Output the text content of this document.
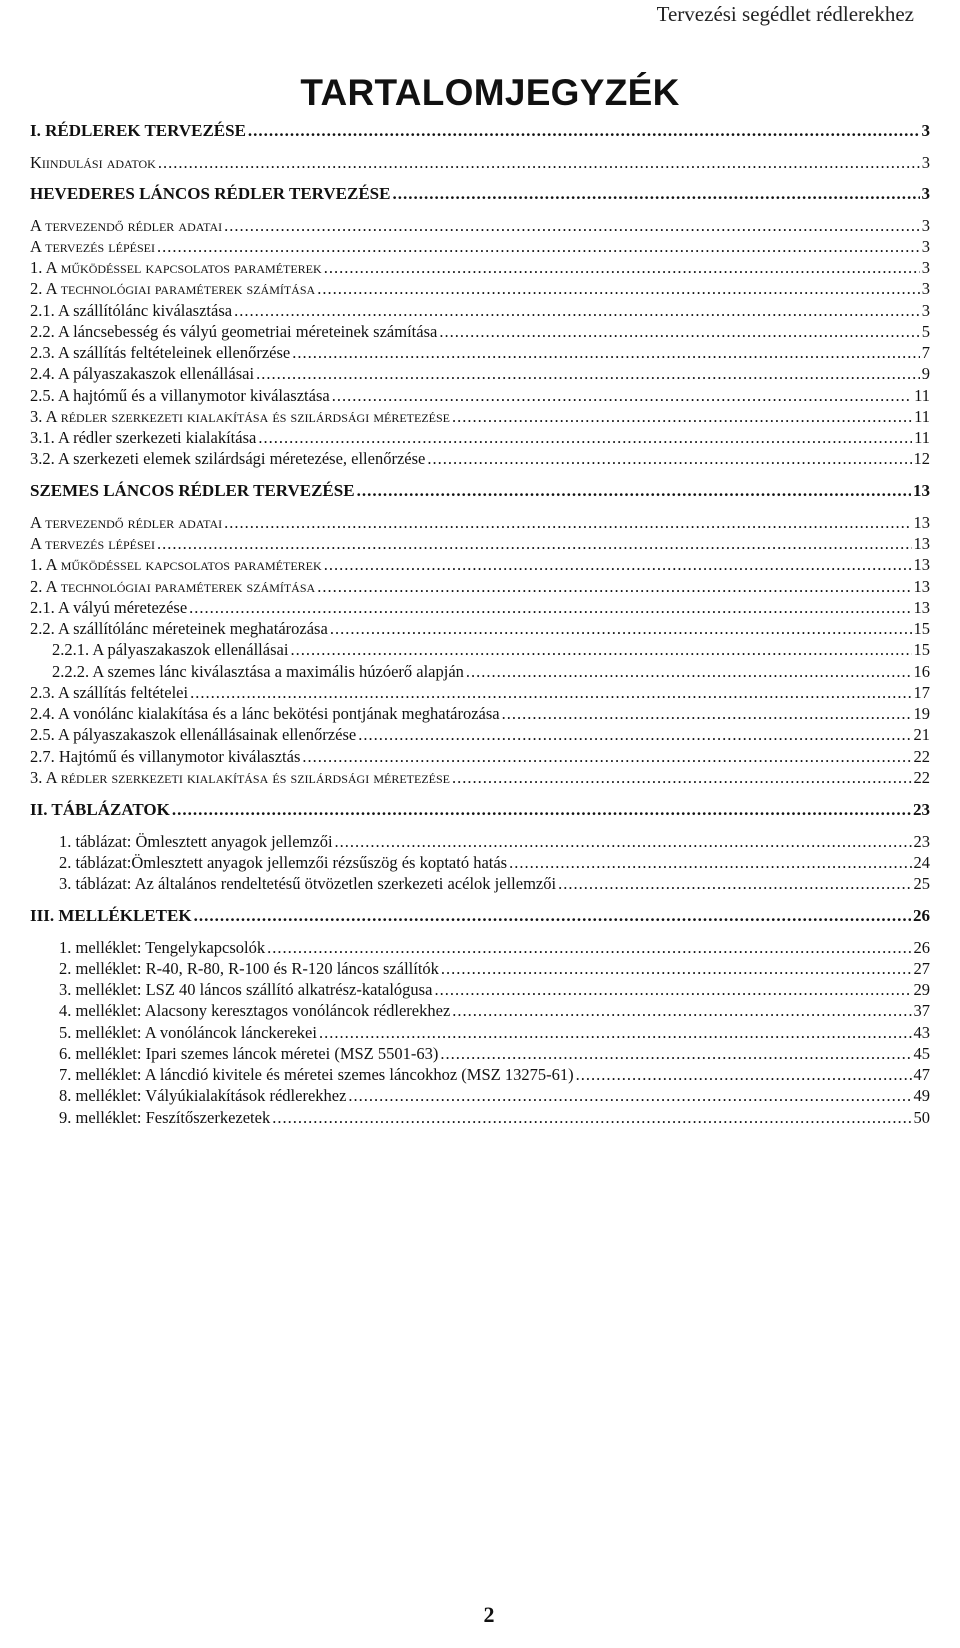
Tervezési segédlet rédlerekhez
TARTALOMJEGYZÉK
I. RÉDLEREK TERVEZÉSE .....	3
Kiindulási adatok .....	3
HEVEDERES LÁNCOS RÉDLER TERVEZÉSE .....	3
A tervezendő rédler adatai .....	3
A tervezés lépései .....	3
1. A működéssel kapcsolatos paraméterek .....	3
2. A technológiai paraméterek számítása .....	3
2.1. A szállítólánc kiválasztása .....	3
2.2. A láncsebesség és vályú geometriai méreteinek számítása .....	5
2.3. A szállítás feltételeinek ellenőrzése .....	7
2.4. A pályaszakaszok ellenállásai .....	9
2.5. A hajtómű és a villanymotor kiválasztása .....	11
3. A rédler szerkezeti kialakítása és szilárdsági méretezése .....	11
3.1. A rédler szerkezeti kialakítása .....	11
3.2. A szerkezeti elemek szilárdsági méretezése, ellenőrzése .....	12
SZEMES LÁNCOS RÉDLER TERVEZÉSE .....	13
A tervezendő rédler adatai .....	13
A tervezés lépései .....	13
1. A működéssel kapcsolatos paraméterek .....	13
2. A technológiai paraméterek számítása .....	13
2.1. A vályú méretezése .....	13
2.2. A szállítólánc méreteinek meghatározása .....	15
2.2.1. A pályaszakaszok ellenállásai .....	15
2.2.2. A szemes lánc kiválasztása a maximális húzóerő alapján .....	16
2.3. A szállítás feltételei .....	17
2.4. A vonólánc kialakítása és a lánc bekötési pontjának meghatározása .....	19
2.5. A pályaszakaszok ellenállásainak ellenőrzése .....	21
2.7. Hajtómű és villanymotor kiválasztás .....	22
3. A rédler szerkezeti kialakítása és szilárdsági méretezése .....	22
II. TÁBLÁZATOK .....	23
1. táblázat: Ömlesztett anyagok jellemzői .....	23
2. táblázat:Ömlesztett anyagok jellemzői rézsűszög és koptató hatás .....	24
3. táblázat: Az általános rendeltetésű ötvözetlen szerkezeti acélok jellemzői .....	25
III. MELLÉKLETEK .....	26
1. melléklet: Tengelykapcsolók .....	26
2. melléklet: R-40, R-80, R-100 és R-120 láncos szállítók .....	27
3. melléklet: LSZ 40 láncos szállító alkatrész-katalógusa .....	29
4. melléklet: Alacsony keresztagos vonóláncok rédlerekhez .....	37
5. melléklet: A vonóláncok lánckerekei .....	43
6. melléklet: Ipari szemes láncok méretei (MSZ 5501-63) .....	45
7. melléklet: A láncdió kivitele és méretei szemes láncokhoz (MSZ 13275-61) .....	47
8. melléklet: Vályúkialakítások rédlerekhez .....	49
9. melléklet: Feszítőszerkezetek .....	50
2
